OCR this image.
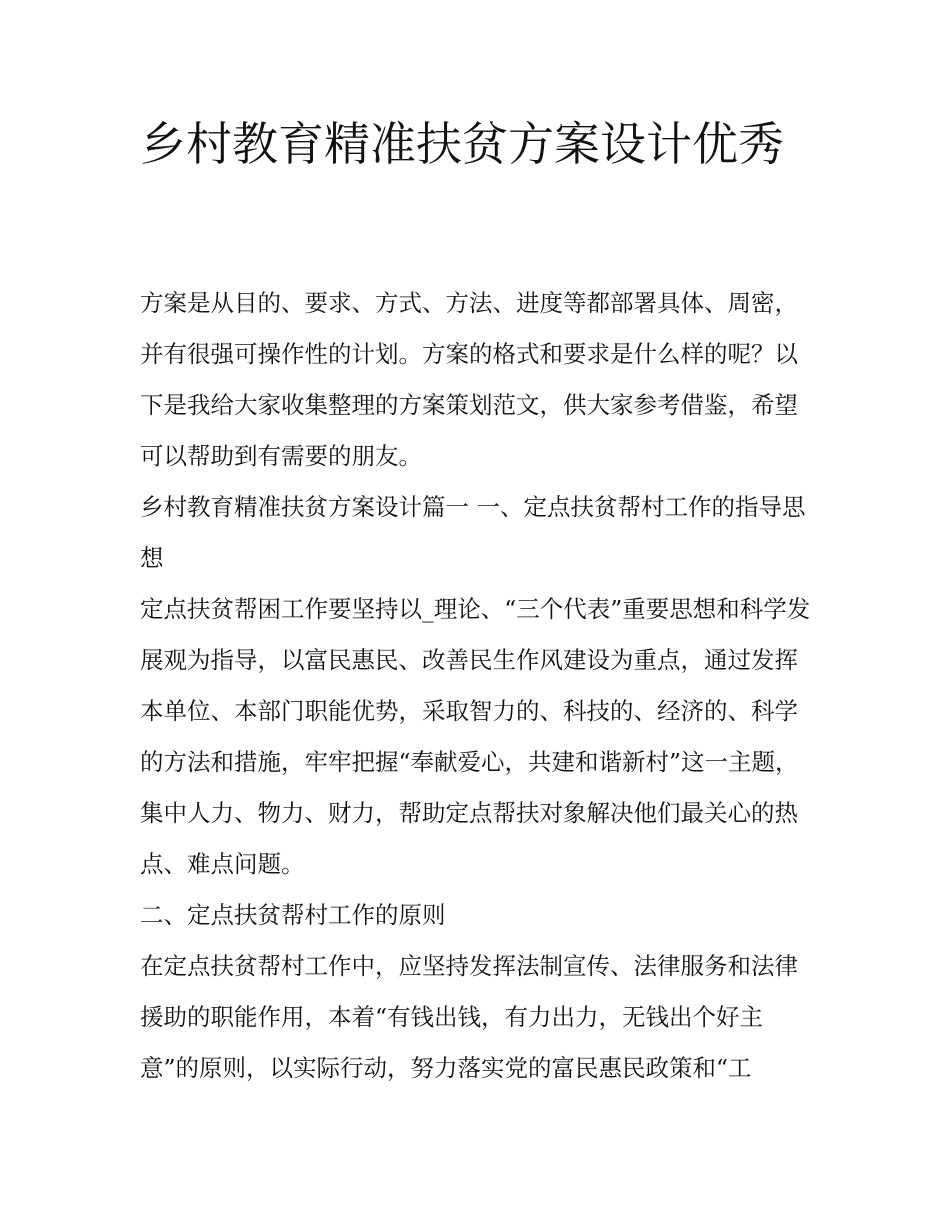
乡村教育精准扶贫方案设计优秀

方案是从目的、要求、方式、方法、进度等都部署具体、周密，并有很强可操作性的计划。方案的格式和要求是什么样的呢？以下是我给大家收集整理的方案策划范文，供大家参考借鉴，希望可以帮助到有需要的朋友。

乡村教育精准扶贫方案设计篇一 一、定点扶贫帮村工作的指导思想

定点扶贫帮困工作要坚持以_理论、“三个代表”重要思想和科学发展观为指导，以富民惠民、改善民生作风建设为重点，通过发挥本单位、本部门职能优势，采取智力的、科技的、经济的、科学的方法和措施，牢牢把握“奉献爱心，共建和谐新村”这一主题，集中人力、物力、财力，帮助定点帮扶对象解决他们最关心的热点、难点问题。

二、定点扶贫帮村工作的原则

在定点扶贫帮村工作中，应坚持发挥法制宣传、法律服务和法律援助的职能作用，本着“有钱出钱，有力出力，无钱出个好主意”的原则，以实际行动，努力落实党的富民惠民政策和“工
